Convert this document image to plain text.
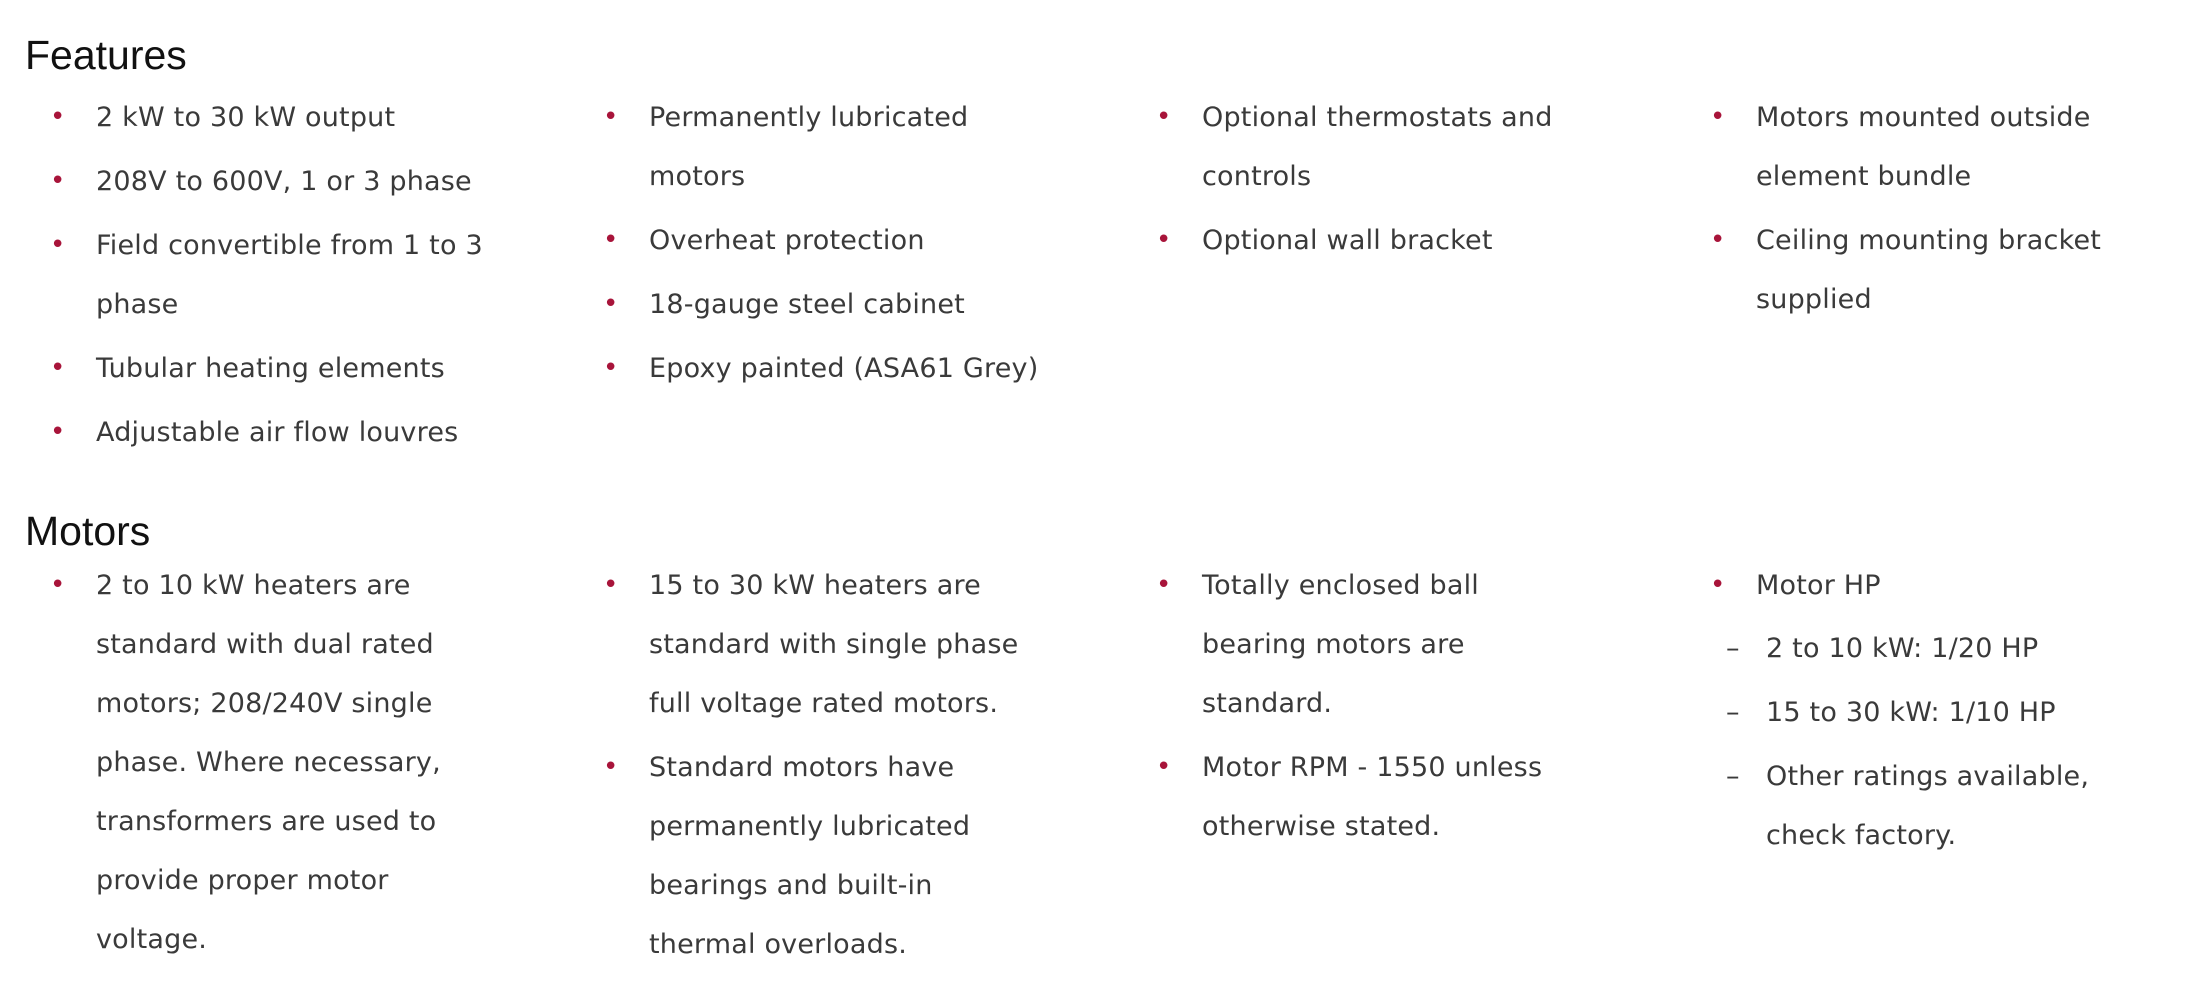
Features
• 2 kW to 30 kW output
• 208V to 600V, 1 or 3 phase
• Field convertible from 1 to 3 phase
• Tubular heating elements
• Adjustable air flow louvres
• Permanently lubricated motors
• Overheat protection
• 18-gauge steel cabinet
• Epoxy painted (ASA61 Grey)
• Optional thermostats and controls
• Optional wall bracket
• Motors mounted outside element bundle
• Ceiling mounting bracket supplied
Motors
• 2 to 10 kW heaters are standard with dual rated motors; 208/240V single phase. Where necessary, transformers are used to provide proper motor voltage.
• 15 to 30 kW heaters are standard with single phase full voltage rated motors.
• Standard motors have permanently lubricated bearings and built-in thermal overloads.
• Totally enclosed ball bearing motors are standard.
• Motor RPM - 1550 unless otherwise stated.
• Motor HP
– 2 to 10 kW: 1/20 HP
– 15 to 30 kW: 1/10 HP
– Other ratings available, check factory.
